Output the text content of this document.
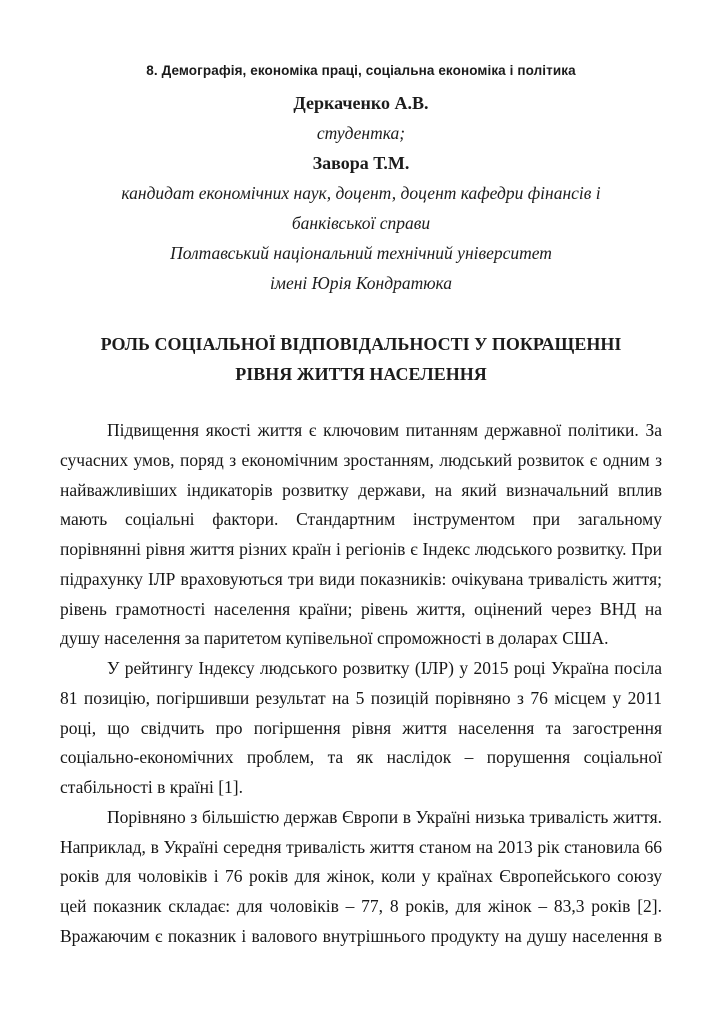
8. Демографія, економіка праці, соціальна економіка і політика
Деркаченко А.В.
студентка;
Завора Т.М.
кандидат економічних наук, доцент, доцент кафедри фінансів і
банківської справи
Полтавський національний технічний університет
імені Юрія Кондратюка
РОЛЬ СОЦІАЛЬНОЇ ВІДПОВІДАЛЬНОСТІ У ПОКРАЩЕННІ
РІВНЯ ЖИТТЯ НАСЕЛЕННЯ

Підвищення якості життя є ключовим питанням державної політики. За сучасних умов, поряд з економічним зростанням, людський розвиток є одним з найважливіших індикаторів розвитку держави, на який визначальний вплив мають соціальні фактори. Стандартним інструментом при загальному порівнянні рівня життя різних країн і регіонів є Індекс людського розвитку. При підрахунку ІЛР враховуються три види показників: очікувана тривалість життя; рівень грамотності населення країни; рівень життя, оцінений через ВНД на душу населення за паритетом купівельної спроможності в доларах США.

У рейтингу Індексу людського розвитку (ІЛР) у 2015 році Україна посіла 81 позицію, погіршивши результат на 5 позицій порівняно з 76 місцем у 2011 році, що свідчить про погіршення рівня життя населення та загострення соціально-економічних проблем, та як наслідок – порушення соціальної стабільності в країні [1].

Порівняно з більшістю держав Європи в Україні низька тривалість життя. Наприклад, в Україні середня тривалість життя станом на 2013 рік становила 66 років для чоловіків і 76 років для жінок, коли у країнах Європейського союзу цей показник складає: для чоловіків – 77, 8 років, для жінок – 83,3 років [2]. Вражаючим є показник і валового внутрішнього продукту на душу населення в
